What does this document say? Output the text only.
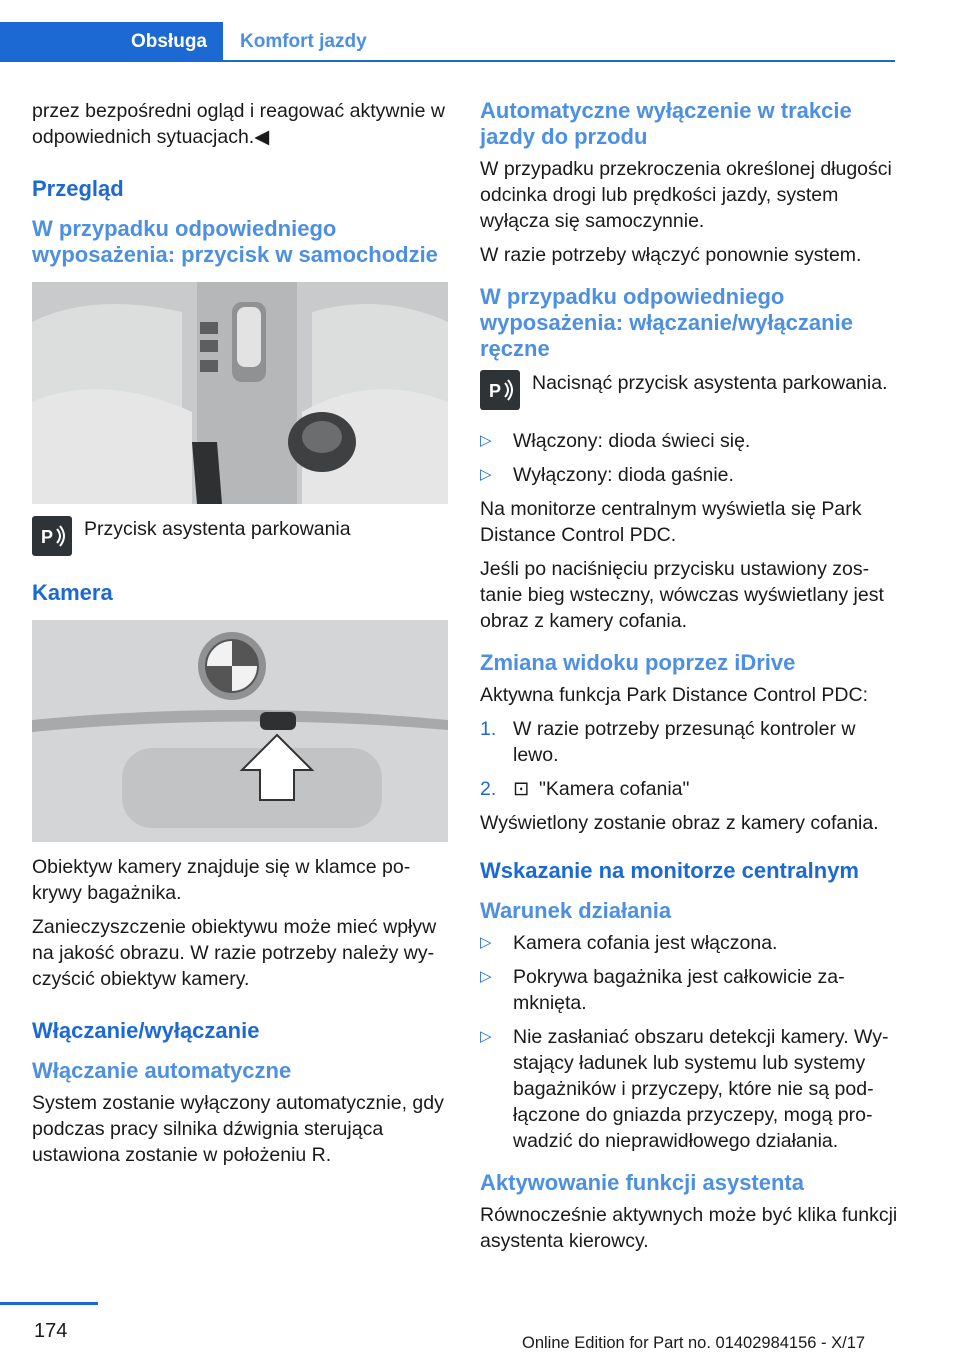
Obsługa	Komfort jazdy

przez bezpośredni ogląd i reagować aktywnie w odpowiednich sytuacjach.◀

Przegląd
W przypadku odpowiedniego wyposażenia: przycisk w samochodzie
P Przycisk asystenta parkowania
Kamera

Obiektyw kamery znajduje się w klamce pokrywy bagażnika.

Zanieczyszczenie obiektywu może mieć wpływ na jakość obrazu. W razie potrzeby należy wyczyścić obiektyw kamery.

Włączanie/wyłączanie
Włączanie automatyczne

System zostanie wyłączony automatycznie, gdy podczas pracy silnika dźwignia sterująca ustawiona zostanie w położeniu R.

Automatyczne wyłączenie w trakcie jazdy do przodu

W przypadku przekroczenia określonej długości odcinka drogi lub prędkości jazdy, system wyłącza się samoczynnie.

W razie potrzeby włączyć ponownie system.

W przypadku odpowiedniego wyposażenia: włączanie/wyłączanie ręczne
P Nacisnąć przycisk asystenta parkowania.
▷ Włączony: dioda świeci się.
▷ Wyłączony: dioda gaśnie.

Na monitorze centralnym wyświetla się Park Distance Control PDC.

Jeśli po naciśnięciu przycisku ustawiony zostanie bieg wsteczny, wówczas wyświetlany jest obraz z kamery cofania.

Zmiana widoku poprzez iDrive

Aktywna funkcja Park Distance Control PDC:

1. W razie potrzeby przesunąć kontroler w lewo.
2. ⊡ "Kamera cofania"

Wyświetlony zostanie obraz z kamery cofania.

Wskazanie na monitorze centralnym
Warunek działania
▷ Kamera cofania jest włączona.
▷ Pokrywa bagażnika jest całkowicie zamknięta.
▷ Nie zasłaniać obszaru detekcji kamery. Wystający ładunek lub systemu lub systemy bagażników i przyczepy, które nie są podłączone do gniazda przyczepy, mogą prowadzić do nieprawidłowego działania.
Aktywowanie funkcji asystenta

Równocześnie aktywnych może być klika funkcji asystenta kierowcy.

174
Online Edition for Part no. 01402984156 - X/17
